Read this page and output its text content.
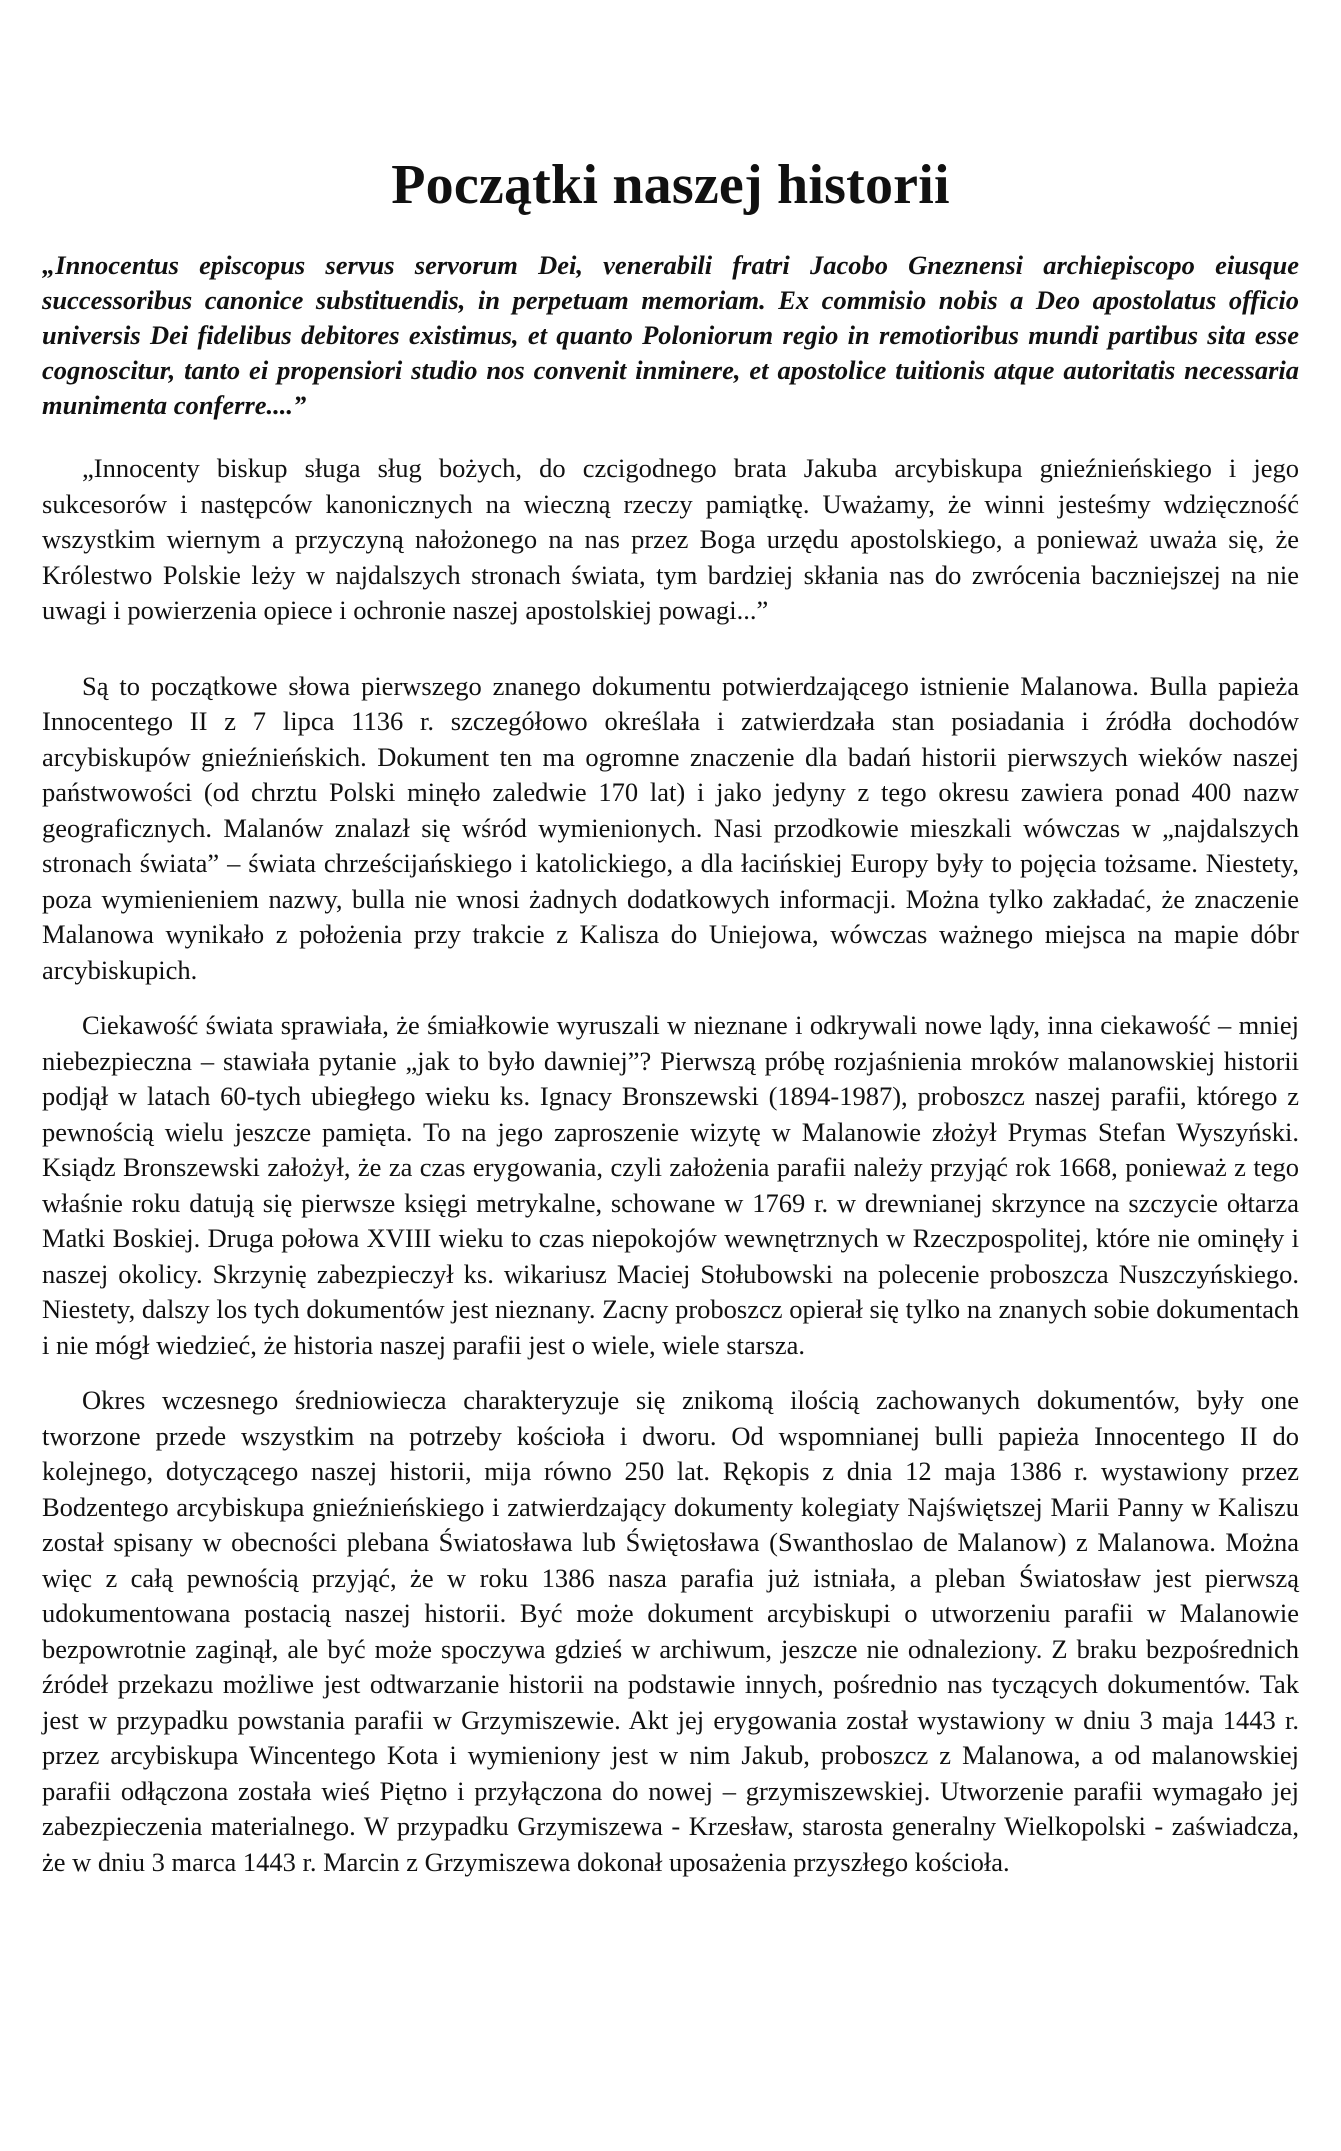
Początki naszej historii

„Innocentus episcopus servus servorum Dei, venerabili fratri Jacobo Gneznensi archiepiscopo eiusque successoribus canonice substituendis, in perpetuam memoriam. Ex commisio nobis a Deo apostolatus officio universis Dei fidelibus debitores existimus, et quanto Poloniorum regio in remotioribus mundi partibus sita esse cognoscitur, tanto ei propensiori studio nos convenit inminere, et apostolice tuitionis atque autoritatis necessaria munimenta conferre....”

„Innocenty biskup sługa sług bożych, do czcigodnego brata Jakuba arcybiskupa gnieźnieńskiego i jego sukcesorów i następców kanonicznych na wieczną rzeczy pamiątkę. Uważamy, że winni jesteśmy wdzięczność wszystkim wiernym a przyczyną nałożonego na nas przez Boga urzędu apostolskiego, a ponieważ uważa się, że Królestwo Polskie leży w najdalszych stronach świata, tym bardziej skłania nas do zwrócenia baczniejszej na nie uwagi i powierzenia opiece i ochronie naszej apostolskiej powagi...”

Są to początkowe słowa pierwszego znanego dokumentu potwierdzającego istnienie Malanowa. Bulla papieża Innocentego II z 7 lipca 1136 r. szczegółowo określała i zatwierdzała stan posiadania i źródła dochodów arcybiskupów gnieźnieńskich. Dokument ten ma ogromne znaczenie dla badań historii pierwszych wieków naszej państwowości (od chrztu Polski minęło zaledwie 170 lat) i jako jedyny z tego okresu zawiera ponad 400 nazw geograficznych. Malanów znalazł się wśród wymienionych. Nasi przodkowie mieszkali wówczas w „najdalszych stronach świata” – świata chrześcijańskiego i katolickiego, a dla łacińskiej Europy były to pojęcia tożsame. Niestety, poza wymienieniem nazwy, bulla nie wnosi żadnych dodatkowych informacji. Można tylko zakładać, że znaczenie Malanowa wynikało z położenia przy trakcie z Kalisza do Uniejowa, wówczas ważnego miejsca na mapie dóbr arcybiskupich.

Ciekawość świata sprawiała, że śmiałkowie wyruszali w nieznane i odkrywali nowe lądy, inna ciekawość – mniej niebezpieczna – stawiała pytanie „jak to było dawniej”? Pierwszą próbę rozjaśnienia mroków malanowskiej historii podjął w latach 60-tych ubiegłego wieku ks. Ignacy Bronszewski (1894-1987), proboszcz naszej parafii, którego z pewnością wielu jeszcze pamięta. To na jego zaproszenie wizytę w Malanowie złożył Prymas Stefan Wyszyński. Ksiądz Bronszewski założył, że za czas erygowania, czyli założenia parafii należy przyjąć rok 1668, ponieważ z tego właśnie roku datują się pierwsze księgi metrykalne, schowane w 1769 r. w drewnianej skrzynce na szczycie ołtarza Matki Boskiej. Druga połowa XVIII wieku to czas niepokojów wewnętrznych w Rzeczpospolitej, które nie ominęły i naszej okolicy. Skrzynię zabezpieczył ks. wikariusz Maciej Stołubowski na polecenie proboszcza Nuszczyńskiego. Niestety, dalszy los tych dokumentów jest nieznany. Zacny proboszcz opierał się tylko na znanych sobie dokumentach i nie mógł wiedzieć, że historia naszej parafii jest o wiele, wiele starsza.

Okres wczesnego średniowiecza charakteryzuje się znikomą ilością zachowanych dokumentów, były one tworzone przede wszystkim na potrzeby kościoła i dworu. Od wspomnianej bulli papieża Innocentego II do kolejnego, dotyczącego naszej historii, mija równo 250 lat. Rękopis z dnia 12 maja 1386 r. wystawiony przez Bodzentego arcybiskupa gnieźnieńskiego i zatwierdzający dokumenty kolegiaty Najświętszej Marii Panny w Kaliszu został spisany w obecności plebana Światosława lub Świętosława (Swanthoslao de Malanow) z Malanowa. Można więc z całą pewnością przyjąć, że w roku 1386 nasza parafia już istniała, a pleban Światosław jest pierwszą udokumentowana postacią naszej historii. Być może dokument arcybiskupi o utworzeniu parafii w Malanowie bezpowrotnie zaginął, ale być może spoczywa gdzieś w archiwum, jeszcze nie odnaleziony. Z braku bezpośrednich źródeł przekazu możliwe jest odtwarzanie historii na podstawie innych, pośrednio nas tyczących dokumentów. Tak jest w przypadku powstania parafii w Grzymiszewie. Akt jej erygowania został wystawiony w dniu 3 maja 1443 r. przez arcybiskupa Wincentego Kota i wymieniony jest w nim Jakub, proboszcz z Malanowa, a od malanowskiej parafii odłączona została wieś Piętno i przyłączona do nowej – grzymiszewskiej. Utworzenie parafii wymagało jej zabezpieczenia materialnego. W przypadku Grzymiszewa - Krzesław, starosta generalny Wielkopolski - zaświadcza, że w dniu 3 marca 1443 r. Marcin z Grzymiszewa dokonał uposażenia przyszłego kościoła.
